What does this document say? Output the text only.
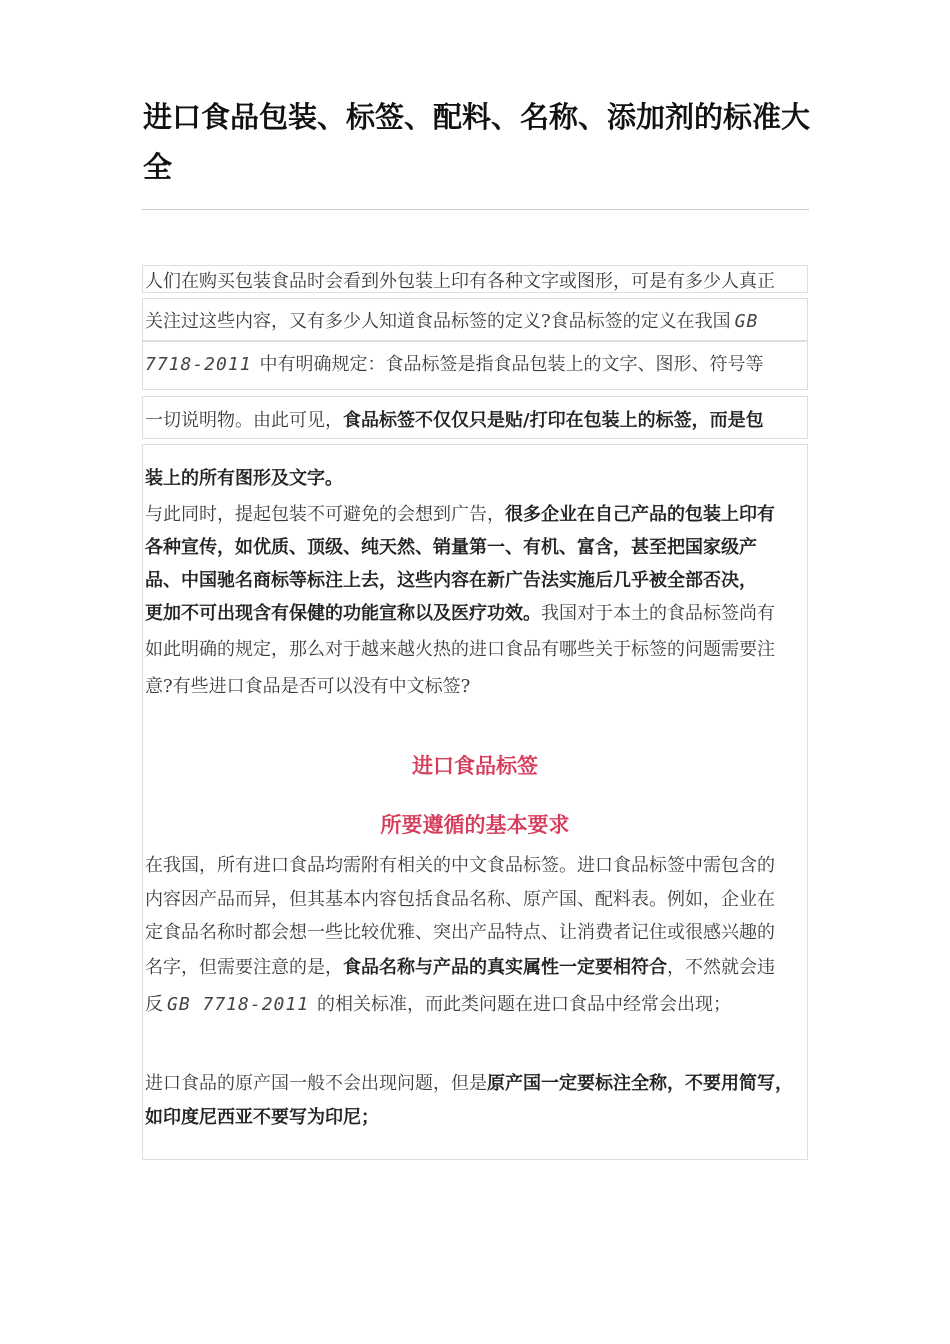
进口食品包装、标签、配料、名称、添加剂的标准大全
人们在购买包装食品时会看到外包装上印有各种文字或图形，可是有多少人真正
关注过这些内容，又有多少人知道食品标签的定义?食品标签的定义在我国 GB
7718-2011 中有明确规定：食品标签是指食品包装上的文字、图形、符号等
一切说明物。由此可见，食品标签不仅仅只是贴/打印在包装上的标签，而是包
装上的所有图形及文字。
与此同时，提起包装不可避免的会想到广告，很多企业在自己产品的包装上印有
各种宣传，如优质、顶级、纯天然、销量第一、有机、富含，甚至把国家级产
品、中国驰名商标等标注上去，这些内容在新广告法实施后几乎被全部否决，
更加不可出现含有保健的功能宣称以及医疗功效。我国对于本土的食品标签尚有
如此明确的规定，那么对于越来越火热的进口食品有哪些关于标签的问题需要注
意?有些进口食品是否可以没有中文标签?
进口食品标签
所要遵循的基本要求
在我国，所有进口食品均需附有相关的中文食品标签。进口食品标签中需包含的
内容因产品而异，但其基本内容包括食品名称、原产国、配料表。例如，企业在
定食品名称时都会想一些比较优雅、突出产品特点、让消费者记住或很感兴趣的
名字，但需要注意的是，食品名称与产品的真实属性一定要相符合，不然就会违
反 GB 7718-2011 的相关标准，而此类问题在进口食品中经常会出现；
进口食品的原产国一般不会出现问题，但是原产国一定要标注全称，不要用简写，
如印度尼西亚不要写为印尼；
